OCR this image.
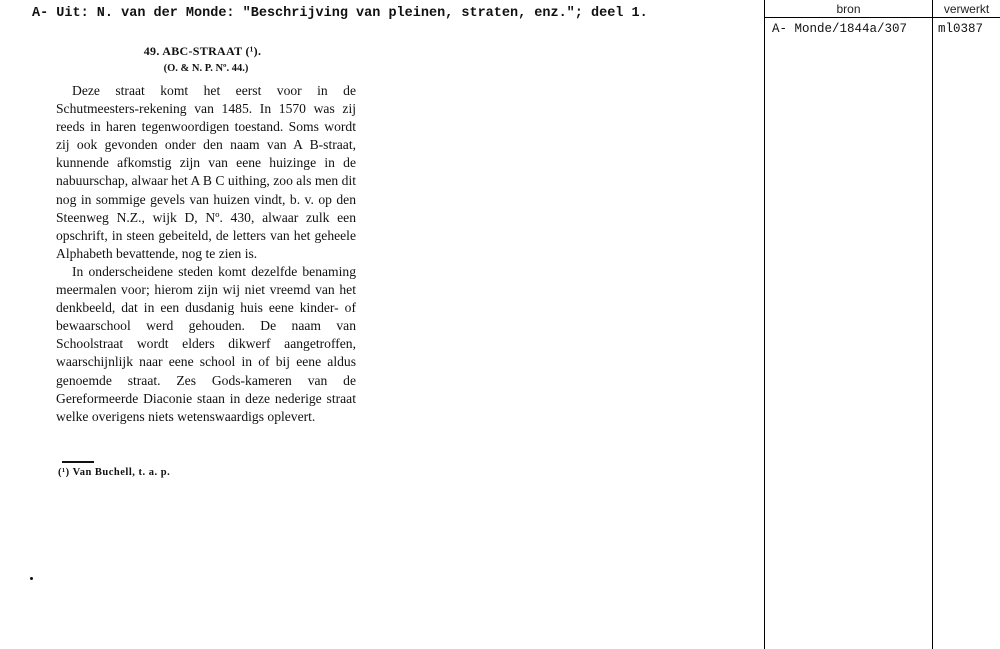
A- Uit: N. van der Monde: "Beschrijving van pleinen, straten, enz."; deel 1.	bron	verwerkt
A- Monde/1844a/307 ml0387
49. ABC-STRAAT (¹).
(O. & N. P. Nº. 44.)

Deze straat komt het eerst voor in de Schutmeesters-rekening van 1485. In 1570 was zij reeds in haren tegenwoordigen toestand. Soms wordt zij ook gevonden onder den naam van A B-straat, kunnende afkomstig zijn van eene huizinge in de nabuurschap, alwaar het A B C uithing, zoo als men dit nog in sommige gevels van huizen vindt, b. v. op den Steenweg N.Z., wijk D, Nº. 430, alwaar zulk een opschrift, in steen gebeiteld, de letters van het geheele Alphabeth bevattende, nog te zien is.

In onderscheidene steden komt dezelfde benaming meermalen voor; hierom zijn wij niet vreemd van het denkbeeld, dat in een dusdanig huis eene kinder- of bewaarschool werd gehouden. De naam van Schoolstraat wordt elders dikwerf aangetroffen, waarschijnlijk naar eene school in of bij eene aldus genoemde straat. Zes Gods-kameren van de Gereformeerde Diaconie staan in deze nederige straat welke overigens niets wetenswaardigs oplevert.

(¹) Van Buchell, t. a. p.
